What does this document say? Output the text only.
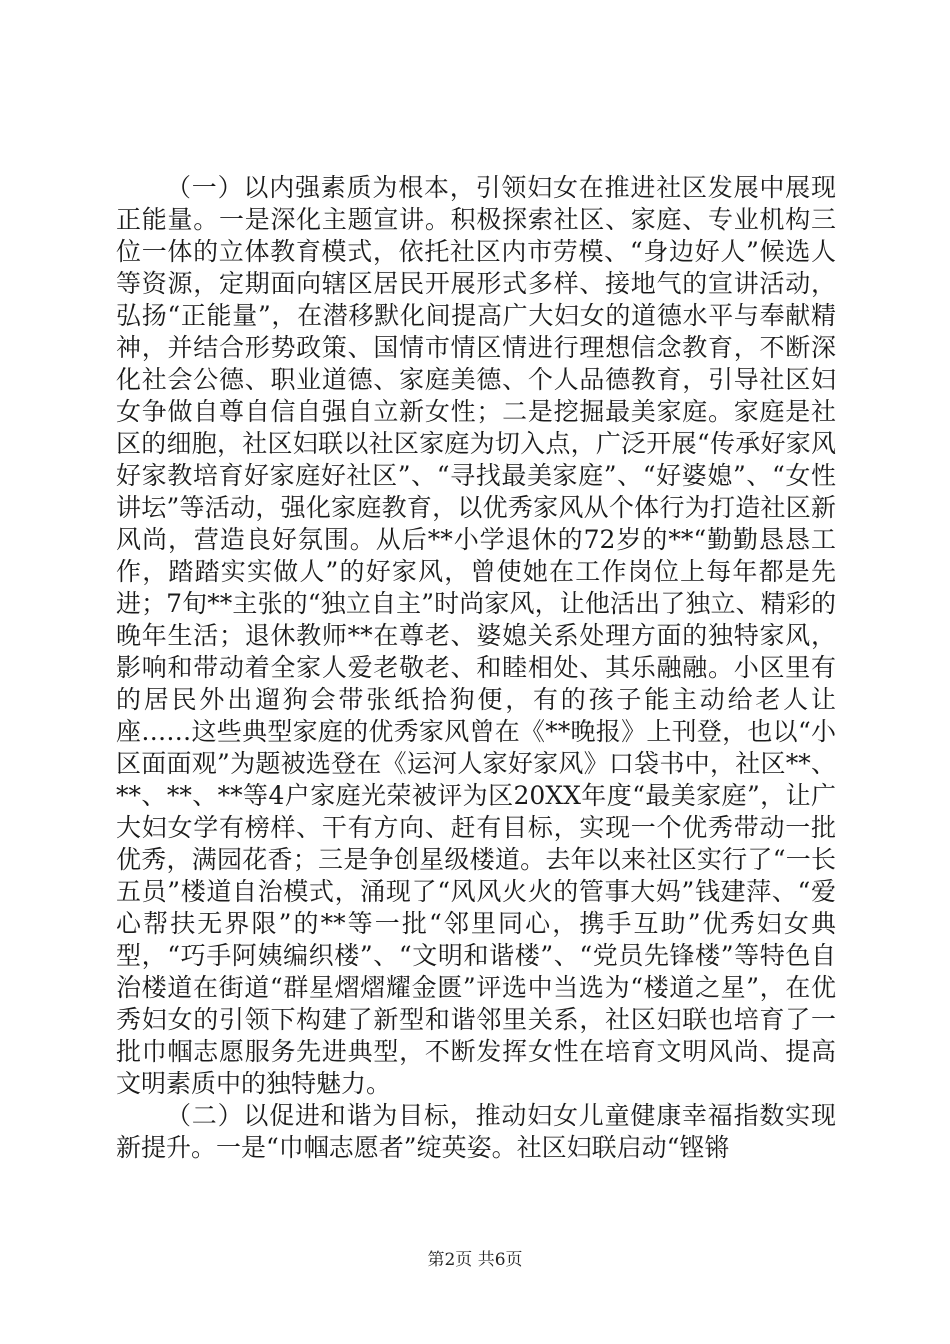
（一）以内强素质为根本，引领妇女在推进社区发展中展现正能量。一是深化主题宣讲。积极探索社区、家庭、专业机构三位一体的立体教育模式，依托社区内市劳模、“身边好人”候选人等资源，定期面向辖区居民开展形式多样、接地气的宣讲活动，弘扬“正能量”，在潜移默化间提高广大妇女的道德水平与奉献精神，并结合形势政策、国情市情区情进行理想信念教育，不断深化社会公德、职业道德、家庭美德、个人品德教育，引导社区妇女争做自尊自信自强自立新女性；二是挖掘最美家庭。家庭是社区的细胞，社区妇联以社区家庭为切入点，广泛开展“传承好家风好家教培育好家庭好社区”、“寻找最美家庭”、“好婆媳”、“女性讲坛”等活动，强化家庭教育，以优秀家风从个体行为打造社区新风尚，营造良好氛围。从后**小学退休的72岁的**“勤勤恳恳工作，踏踏实实做人”的好家风，曾使她在工作岗位上每年都是先进；7旬**主张的“独立自主”时尚家风，让他活出了独立、精彩的晚年生活；退休教师**在尊老、婆媳关系处理方面的独特家风，影响和带动着全家人爱老敬老、和睦相处、其乐融融。小区里有的居民外出遛狗会带张纸拾狗便，有的孩子能主动给老人让座……这些典型家庭的优秀家风曾在《**晚报》上刊登，也以“小区面面观”为题被选登在《运河人家好家风》口袋书中，社区**、**、**、**等4户家庭光荣被评为区20XX年度“最美家庭”，让广大妇女学有榜样、干有方向、赶有目标，实现一个优秀带动一批优秀，满园花香；三是争创星级楼道。去年以来社区实行了“一长五员”楼道自治模式，涌现了“风风火火的管事大妈”钱建萍、“爱心帮扶无界限”的**等一批“邻里同心，携手互助”优秀妇女典型，“巧手阿姨编织楼”、“文明和谐楼”、“党员先锋楼”等特色自治楼道在街道“群星熠熠耀金匮”评选中当选为“楼道之星”，在优秀妇女的引领下构建了新型和谐邻里关系，社区妇联也培育了一批巾帼志愿服务先进典型，不断发挥女性在培育文明风尚、提高文明素质中的独特魅力。

（二）以促进和谐为目标，推动妇女儿童健康幸福指数实现新提升。一是“巾帼志愿者”绽英姿。社区妇联启动“铿锵

第2页 共6页
